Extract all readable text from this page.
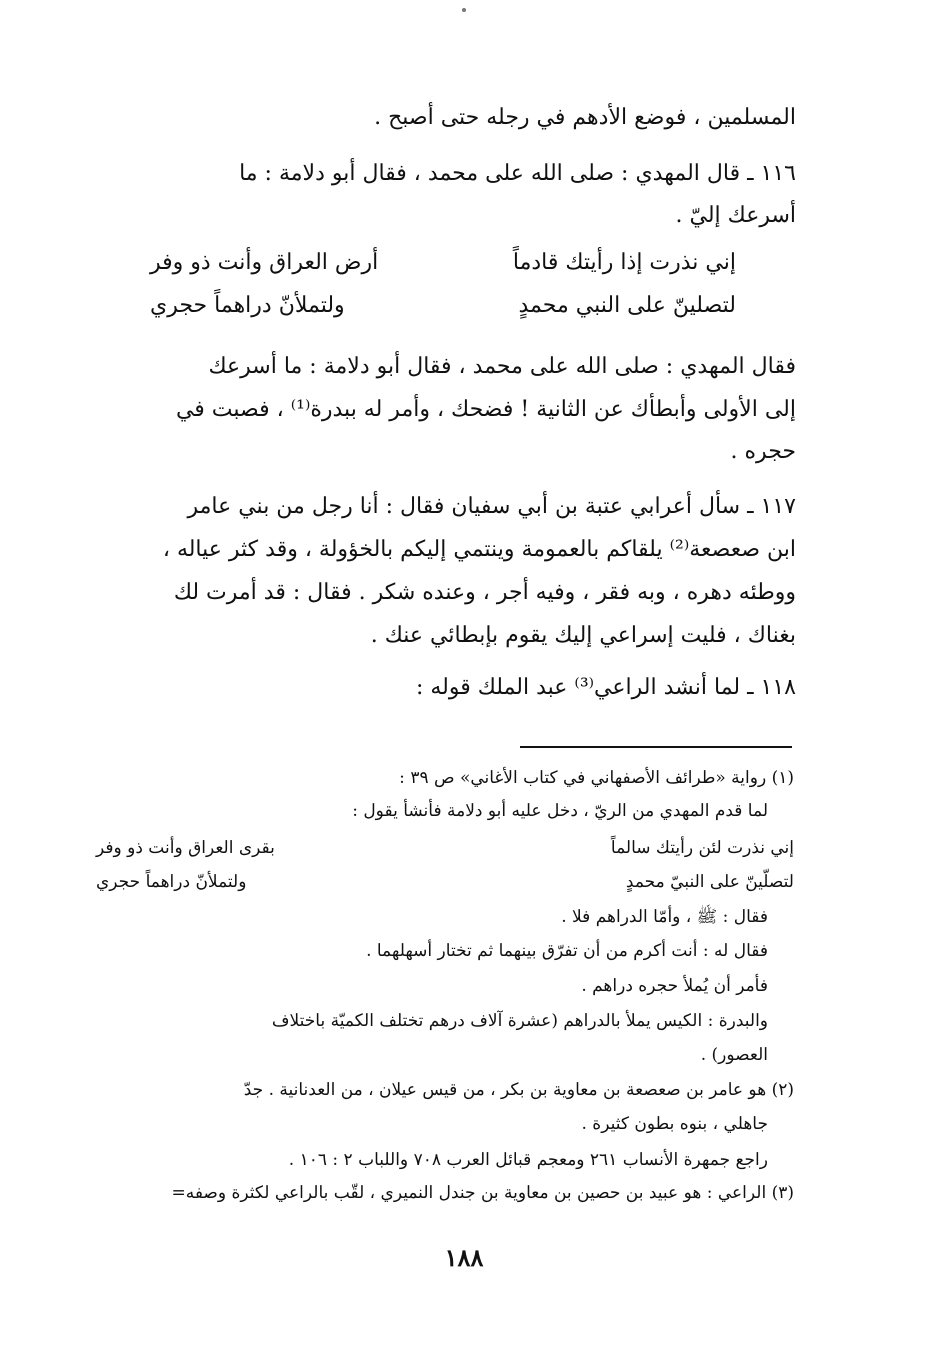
المسلمين ، فوضع الأدهم في رجله حتى أصبح .
١١٦ ـ قال المهدي : صلى الله على محمد ، فقال أبو دلامة : ما
أسرعك إليّ .
إني نذرت إذا رأيتك قادماً
أرض العراق وأنت ذو وفر
لتصلينّ على النبي محمدٍ
ولتملأنّ دراهماً حجري
فقال المهدي : صلى الله على محمد ، فقال أبو دلامة : ما أسرعك
إلى الأولى وأبطأك عن الثانية ! فضحك ، وأمر له ببدرة⁽¹⁾ ، فصبت في
حجره .
١١٧ ـ سأل أعرابي عتبة بن أبي سفيان فقال : أنا رجل من بني عامر
ابن صعصعة⁽²⁾ يلقاكم بالعمومة وينتمي إليكم بالخؤولة ، وقد كثر عياله ،
ووطئه دهره ، وبه فقر ، وفيه أجر ، وعنده شكر . فقال : قد أمرت لك
بغناك ، فليت إسراعي إليك يقوم بإبطائي عنك .
١١٨ ـ لما أنشد الراعي⁽³⁾ عبد الملك قوله :
(١) رواية «طرائف الأصفهاني في كتاب الأغاني» ص ٣٩ :
لما قدم المهدي من الريّ ، دخل عليه أبو دلامة فأنشأ يقول :
إني نذرت لئن رأيتك سالماً
بقرى العراق وأنت ذو وفر
لتصلّينّ على النبيّ محمدٍ
ولتملأنّ دراهماً حجري
فقال : ﷺ ، وأمّا الدراهم فلا .
فقال له : أنت أكرم من أن تفرّق بينهما ثم تختار أسهلهما .
فأمر أن يُملأ حجره دراهم .
والبدرة : الكيس يملأ بالدراهم (عشرة آلاف درهم تختلف الكميّة باختلاف
العصور) .
(٢) هو عامر بن صعصعة بن معاوية بن بكر ، من قيس عيلان ، من العدنانية . جدّ
جاهلي ، بنوه بطون كثيرة .
راجع جمهرة الأنساب ٢٦١ ومعجم قبائل العرب ٧٠٨ واللباب ٢ : ١٠٦ .
(٣) الراعي : هو عبيد بن حصين بن معاوية بن جندل النميري ، لقّب بالراعي لكثرة وصفه=
١٨٨
